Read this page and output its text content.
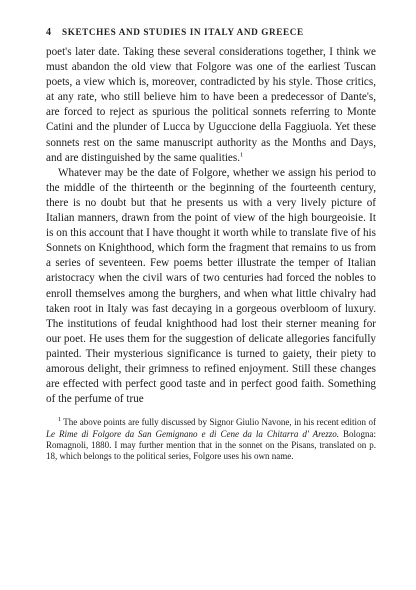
4 SKETCHES AND STUDIES IN ITALY AND GREECE

poet's later date. Taking these several considerations together, I think we must abandon the old view that Folgore was one of the earliest Tuscan poets, a view which is, moreover, contradicted by his style. Those critics, at any rate, who still believe him to have been a predecessor of Dante's, are forced to reject as spurious the political sonnets referring to Monte Catini and the plunder of Lucca by Uguccione della Faggiuola. Yet these sonnets rest on the same manuscript authority as the Months and Days, and are distinguished by the same qualities.$^1$

Whatever may be the date of Folgore, whether we assign his period to the middle of the thirteenth or the beginning of the fourteenth century, there is no doubt but that he presents us with a very lively picture of Italian manners, drawn from the point of view of the high bourgeoisie. It is on this account that I have thought it worth while to translate five of his Sonnets on Knighthood, which form the fragment that remains to us from a series of seventeen. Few poems better illustrate the temper of Italian aristocracy when the civil wars of two centuries had forced the nobles to enroll themselves among the burghers, and when what little chivalry had taken root in Italy was fast decaying in a gorgeous overbloom of luxury. The institutions of feudal knighthood had lost their sterner meaning for our poet. He uses them for the suggestion of delicate allegories fancifully painted. Their mysterious significance is turned to gaiety, their piety to amorous delight, their grimness to refined enjoyment. Still these changes are effected with perfect good taste and in perfect good faith. Something of the perfume of true

$^1$ The above points are fully discussed by Signor Giulio Navone, in his recent edition of Le Rime di Folgore da San Gemignano e di Cene da la Chitarra d' Arezzo. Bologna: Romagnoli, 1880. I may further mention that in the sonnet on the Pisans, translated on p. 18, which belongs to the political series, Folgore uses his own name.
